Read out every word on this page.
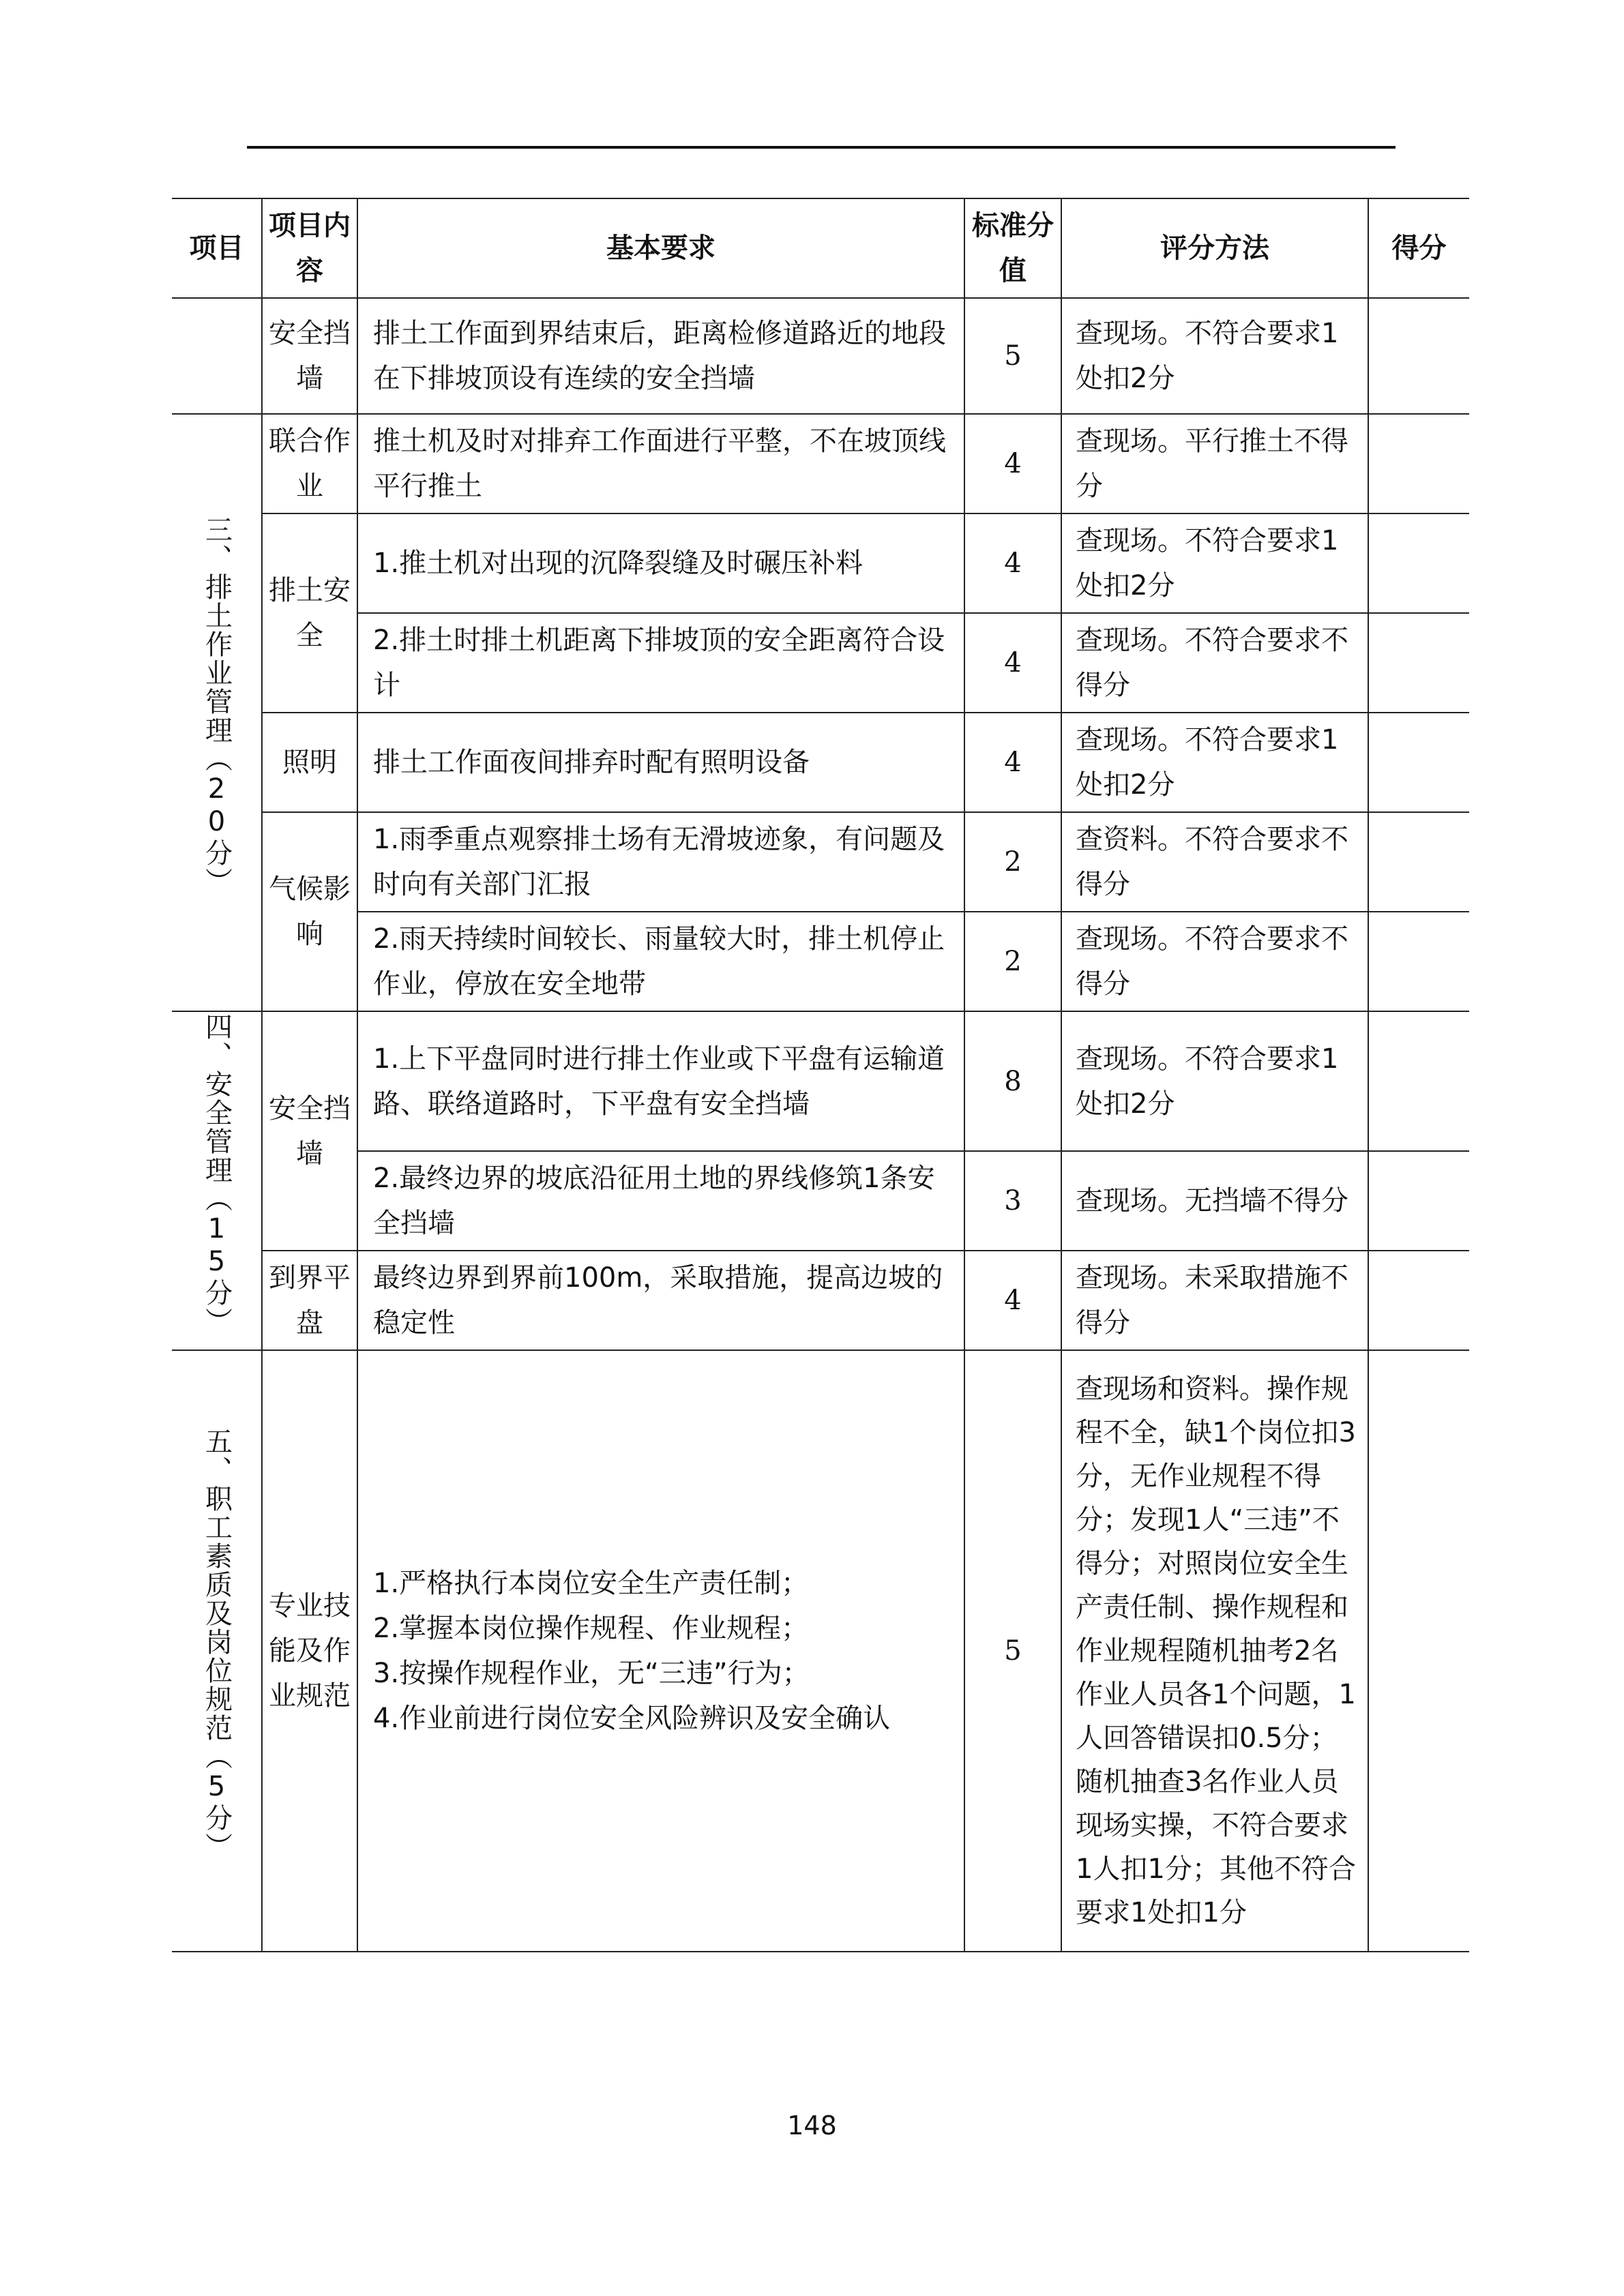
项目	项目内容	基本要求	标准分值	评分方法	得分
	安全挡墙	排土工作面到界结束后，距离检修道路近的地段在下排坡顶设有连续的安全挡墙	5	查现场。不符合要求1处扣2分	
三、排土作业管理（20分）	联合作业	推土机及时对排弃工作面进行平整，不在坡顶线平行推土	4	查现场。平行推土不得分	
	排土安全	1.推土机对出现的沉降裂缝及时碾压补料	4	查现场。不符合要求1处扣2分	
		2.排土时排土机距离下排坡顶的安全距离符合设计	4	查现场。不符合要求不得分	
	照明	排土工作面夜间排弃时配有照明设备	4	查现场。不符合要求1处扣2分	
	气候影响	1.雨季重点观察排土场有无滑坡迹象，有问题及时向有关部门汇报	2	查资料。不符合要求不得分	
		2.雨天持续时间较长、雨量较大时，排土机停止作业，停放在安全地带	2	查现场。不符合要求不得分	
四、安全管理（15分）	安全挡墙	1.上下平盘同时进行排土作业或下平盘有运输道路、联络道路时，下平盘有安全挡墙	8	查现场。不符合要求1处扣2分	
		2.最终边界的坡底沿征用土地的界线修筑1条安全挡墙	3	查现场。无挡墙不得分	
	到界平盘	最终边界到界前100m，采取措施，提高边坡的稳定性	4	查现场。未采取措施不得分	
五、职工素质及岗位规范（5分）	专业技能及作业规范	1.严格执行本岗位安全生产责任制；
2.掌握本岗位操作规程、作业规程；
3.按操作规程作业，无“三违”行为；
4.作业前进行岗位安全风险辨识及安全确认	5	查现场和资料。操作规程不全，缺1个岗位扣3分，无作业规程不得分；发现1人“三违”不得分；对照岗位安全生产责任制、操作规程和作业规程随机抽考2名作业人员各1个问题，1人回答错误扣0.5分；随机抽查3名作业人员现场实操，不符合要求1人扣1分；其他不符合要求1处扣1分	
148
